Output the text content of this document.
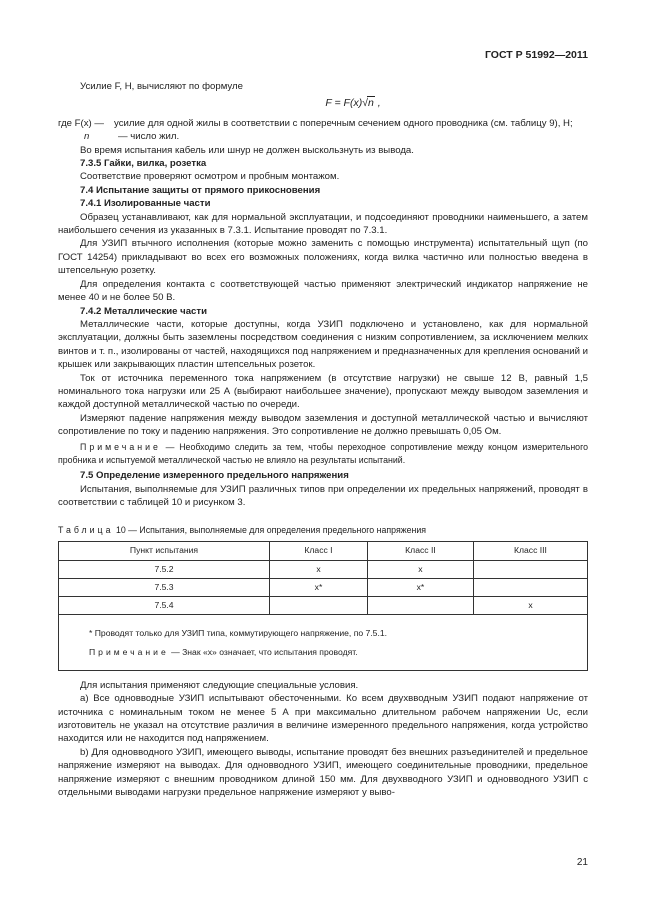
ГОСТ Р 51992—2011

Усилие F, Н, вычисляют по формуле

F = F(x)√n ,
где F(x) —	усилие для одной жилы в соответствии с поперечным сечением одного проводника (см. таблицу 9), Н;
n	— число жил.

Во время испытания кабель или шнур не должен выскользнуть из вывода.

7.3.5 Гайки, вилка, розетка

Соответствие проверяют осмотром и пробным монтажом.

7.4 Испытание защиты от прямого прикосновения

7.4.1 Изолированные части

Образец устанавливают, как для нормальной эксплуатации, и подсоединяют проводники наименьшего, а затем наибольшего сечения из указанных в 7.3.1. Испытание проводят по 7.3.1.

Для УЗИП втычного исполнения (которые можно заменить с помощью инструмента) испытательный щуп (по ГОСТ 14254) прикладывают во всех его возможных положениях, когда вилка частично или полностью введена в штепсельную розетку.

Для определения контакта с соответствующей частью применяют электрический индикатор напряжение не менее 40 и не более 50 В.

7.4.2 Металлические части

Металлические части, которые доступны, когда УЗИП подключено и установлено, как для нормальной эксплуатации, должны быть заземлены посредством соединения с низким сопротивлением, за исключением мелких винтов и т. п., изолированы от частей, находящихся под напряжением и предназначенных для крепления оснований и крышек или закрывающих пластин штепсельных розеток.

Ток от источника переменного тока напряжением (в отсутствие нагрузки) не свыше 12 В, равный 1,5 номинального тока нагрузки или 25 А (выбирают наибольшее значение), пропускают между выводом заземления и каждой доступной металлической частью по очереди.

Измеряют падение напряжения между выводом заземления и доступной металлической частью и вычисляют сопротивление по току и падению напряжения. Это сопротивление не должно превышать 0,05 Ом.

Примечание — Необходимо следить за тем, чтобы переходное сопротивление между концом измерительного пробника и испытуемой металлической частью не влияло на результаты испытаний.

7.5 Определение измеренного предельного напряжения

Испытания, выполняемые для УЗИП различных типов при определении их предельных напряжений, проводят в соответствии с таблицей 10 и рисунком 3.

Таблица 10 — Испытания, выполняемые для определения предельного напряжения
Пункт испытания	Класс I	Класс II	Класс III
7.5.2	x	x	
7.5.3	x*	x*	
7.5.4			x

* Проводят только для УЗИП типа, коммутирующего напряжение, по 7.5.1.
Примечание — Знак «x» означает, что испытания проводят.			

Для испытания применяют следующие специальные условия.

а) Все одновводные УЗИП испытывают обесточенными. Ко всем двухвводным УЗИП подают напряжение от источника с номинальным током не менее 5 А при максимально длительном рабочем напряжении Uc, если изготовитель не указал на отсутствие различия в величине измеренного предельного напряжения, когда устройство находится или не находится под напряжением.

b) Для одновводного УЗИП, имеющего выводы, испытание проводят без внешних разъединителей и предельное напряжение измеряют на выводах. Для одновводного УЗИП, имеющего соединительные проводники, предельное напряжение измеряют с внешним проводником длиной 150 мм. Для двухвводного УЗИП и одновводного УЗИП с отдельными выводами нагрузки предельное напряжение измеряют у выво-

21
